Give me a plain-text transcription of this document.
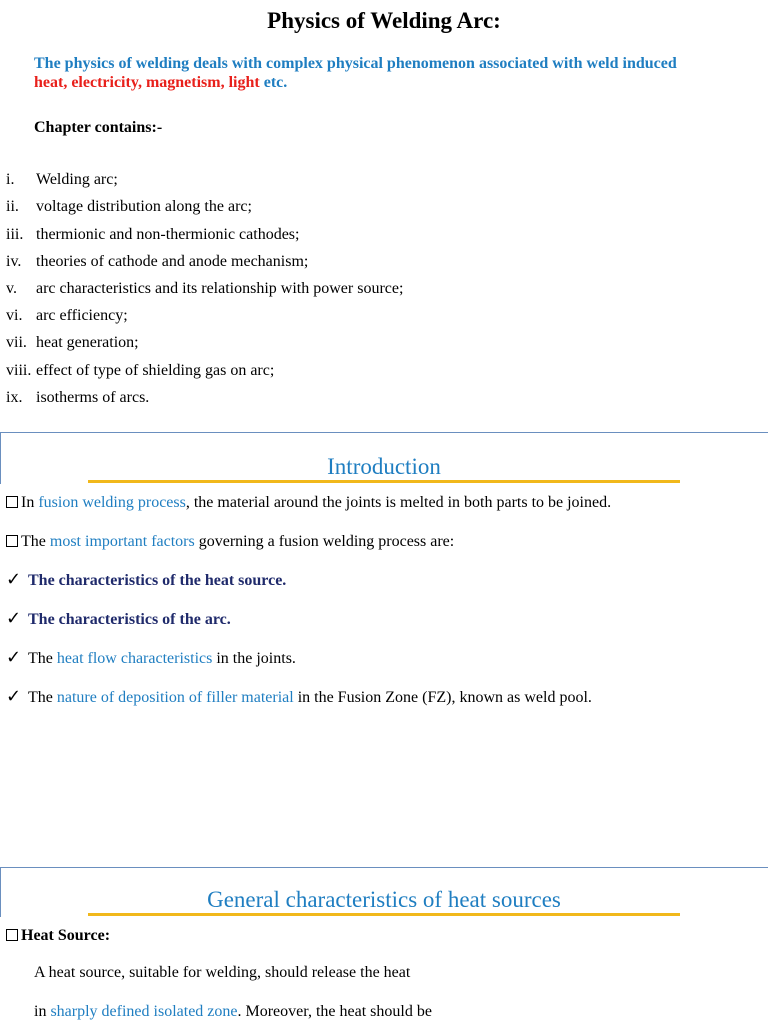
Physics of Welding Arc:
The physics of welding deals with complex physical phenomenon associated with weld induced
heat, electricity, magnetism, light etc.
Chapter contains:-
i. Welding arc;
ii. voltage distribution along the arc;
iii. thermionic and non-thermionic cathodes;
iv. theories of cathode and anode mechanism;
v. arc characteristics and its relationship with power source;
vi. arc efficiency;
vii. heat generation;
viii. effect of type of shielding gas on arc;
ix. isotherms of arcs.
Introduction
In fusion welding process, the material around the joints is melted in both parts to be joined.
The most important factors governing a fusion welding process are:
✓ The characteristics of the heat source.
✓ The characteristics of the arc.
✓ The heat flow characteristics in the joints.
✓ The nature of deposition of filler material in the Fusion Zone (FZ), known as weld pool.
General characteristics of heat sources
Heat Source:
A heat source, suitable for welding, should release the heat
in sharply defined isolated zone. Moreover, the heat should be
